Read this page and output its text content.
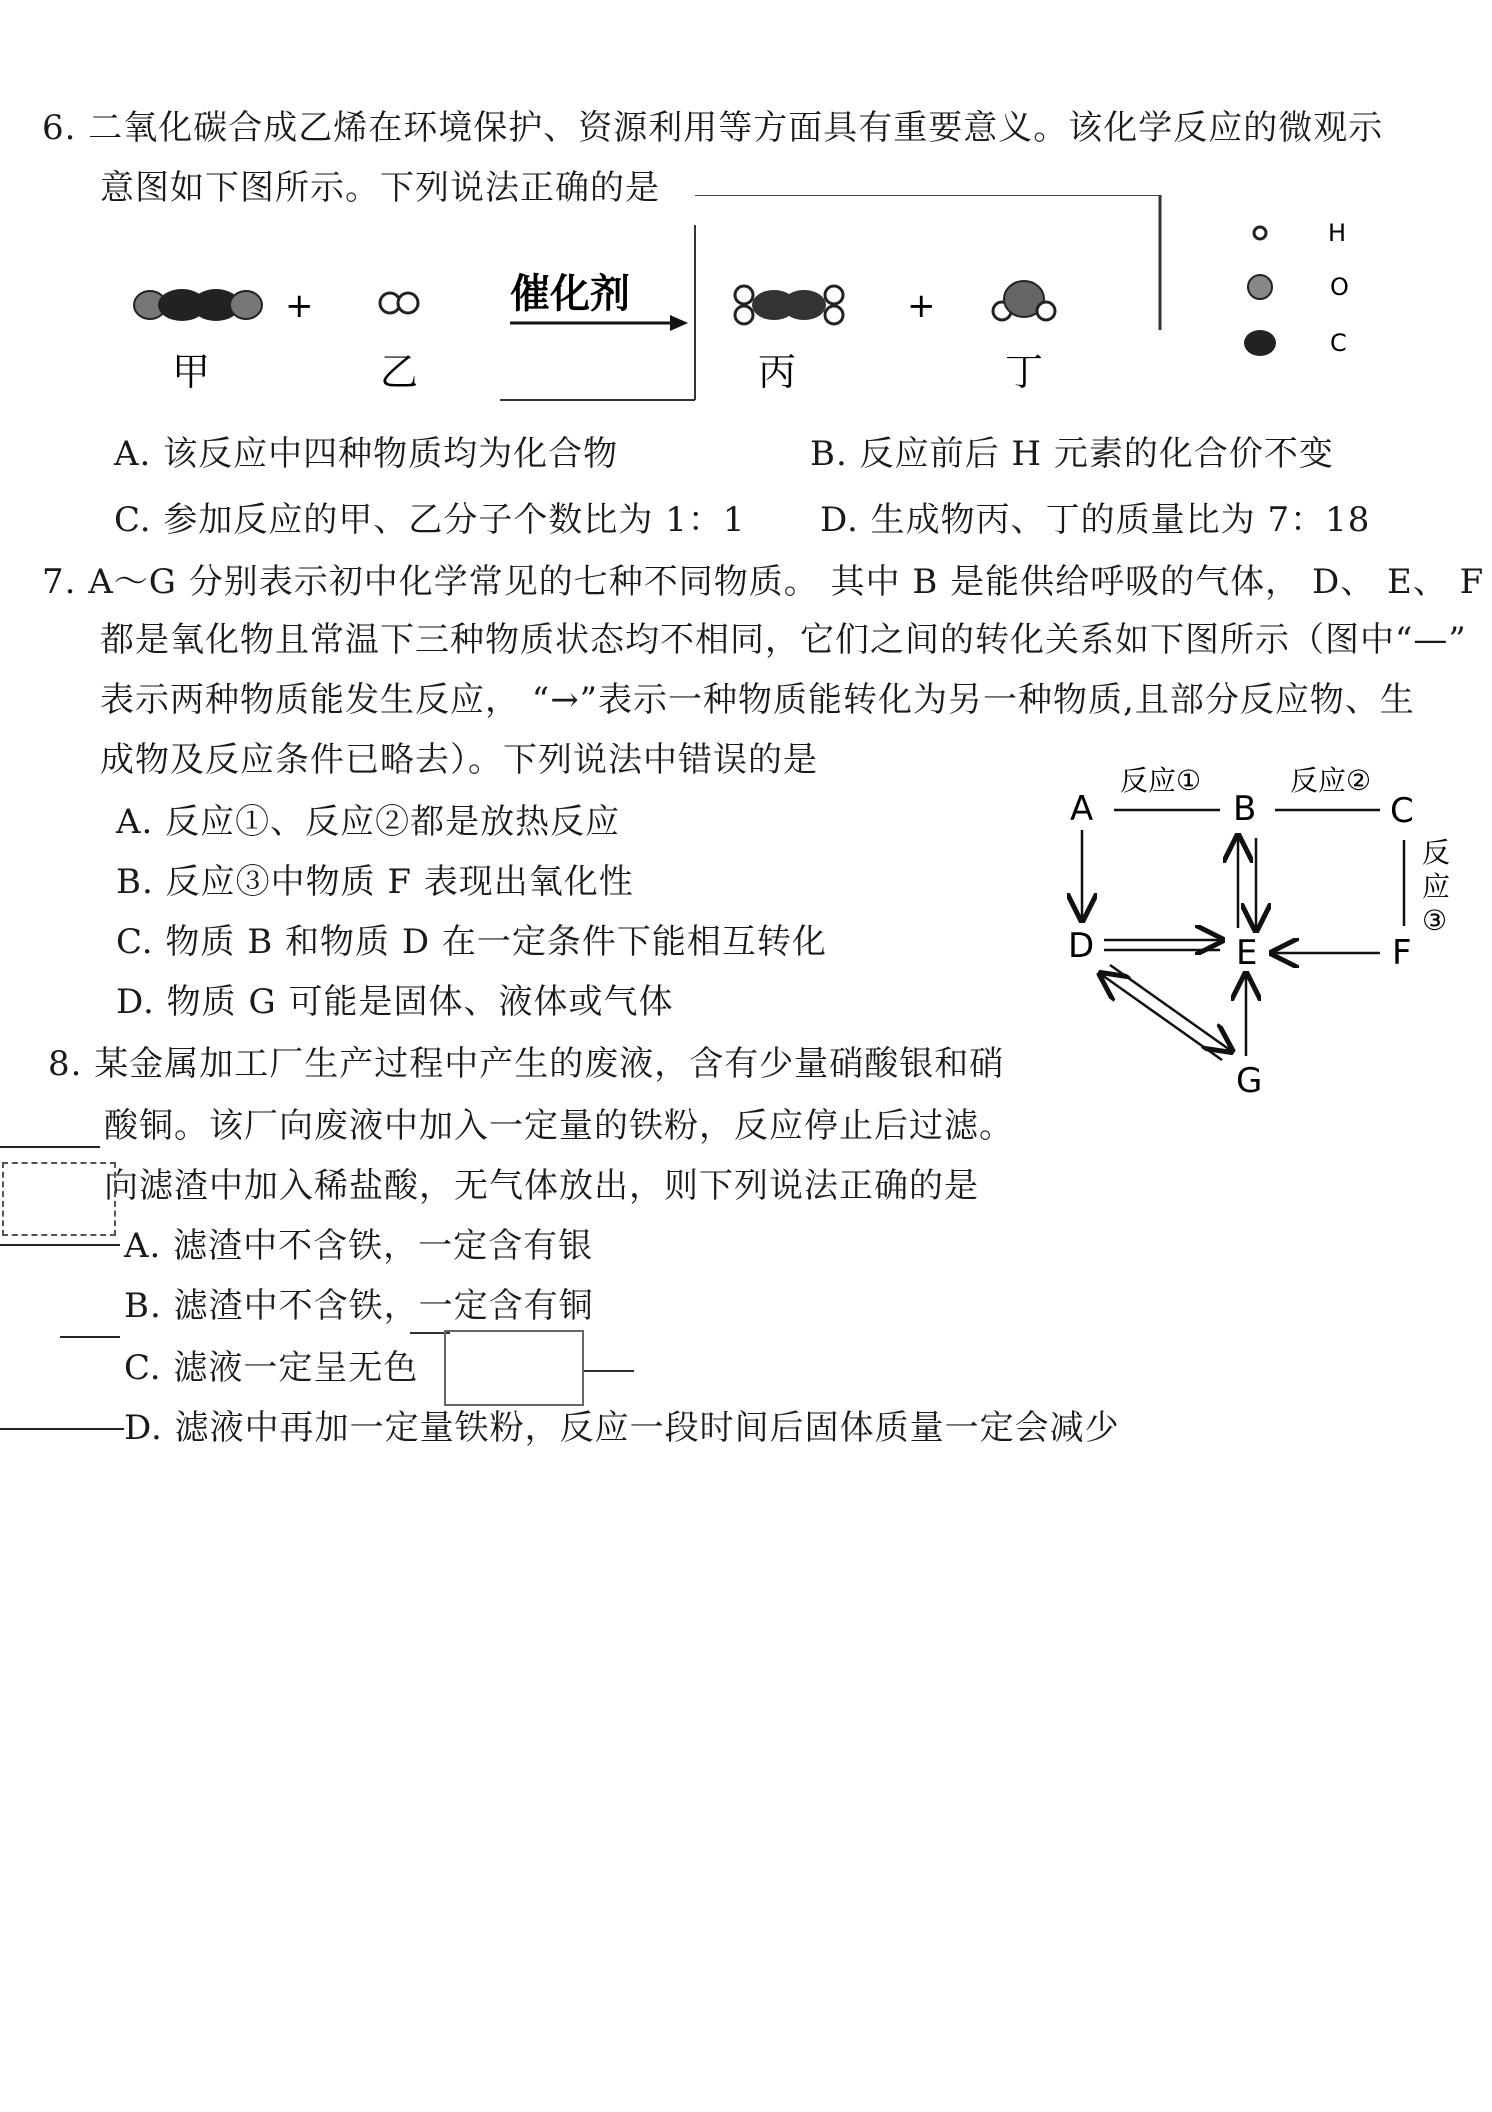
6. 二氧化碳合成乙烯在环境保护、资源利用等方面具有重要意义。该化学反应的微观示
意图如下图所示。下列说法正确的是
+	催化剂	+
甲	乙	丙	丁
H
O
C
A. 该反应中四种物质均为化合物	B. 反应前后 H 元素的化合价不变
C. 参加反应的甲、乙分子个数比为 1：1 D. 生成物丙、丁的质量比为 7：18
7. A～G 分别表示初中化学常见的七种不同物质。 其中 B 是能供给呼吸的气体， D、 E、 F
都是氧化物且常温下三种物质状态均不相同，它们之间的转化关系如下图所示（图中“—”
表示两种物质能发生反应， “→”表示一种物质能转化为另一种物质,且部分反应物、生
成物及反应条件已略去）。下列说法中错误的是
A. 反应①、反应②都是放热反应
B. 反应③中物质 F 表现出氧化性
C. 物质 B 和物质 D 在一定条件下能相互转化
D. 物质 G 可能是固体、液体或气体
A	B	C
D	E	F
G
反应①	反应②
反
应
③
8. 某金属加工厂生产过程中产生的废液，含有少量硝酸银和硝
酸铜。该厂向废液中加入一定量的铁粉，反应停止后过滤。
向滤渣中加入稀盐酸，无气体放出，则下列说法正确的是
A. 滤渣中不含铁，一定含有银
B. 滤渣中不含铁，一定含有铜
C. 滤液一定呈无色
D. 滤液中再加一定量铁粉，反应一段时间后固体质量一定会减少
